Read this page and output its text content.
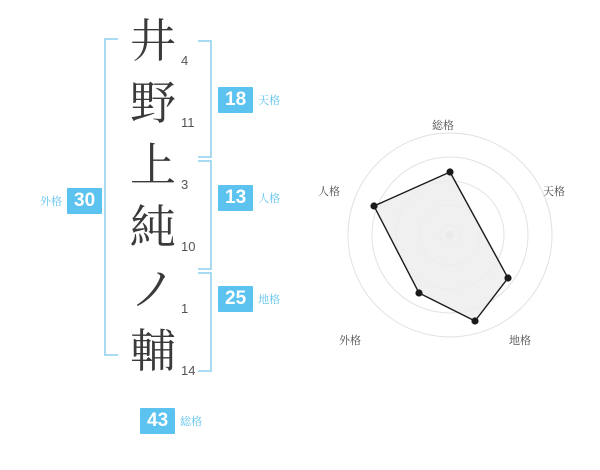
井 4
野 11
上 3
純 10
ノ 1
輔 14
外格 30
18	天格
13	人格
25	地格
43	総格
総格
天格
地格
外格
人格
